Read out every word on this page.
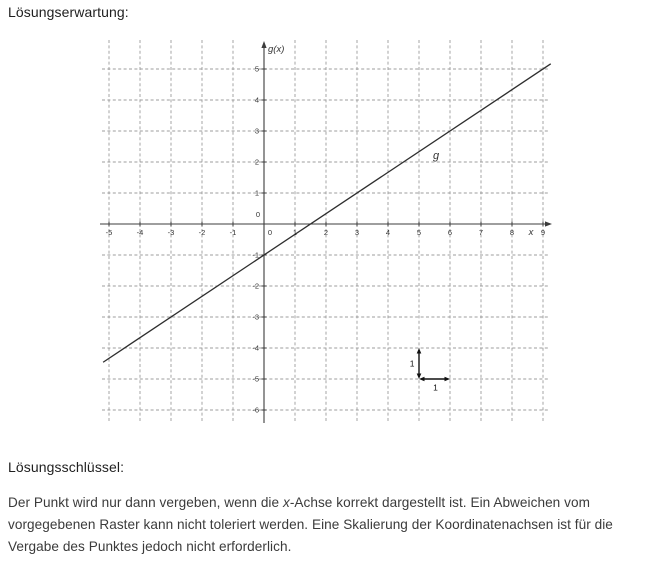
Lösungserwartung:
-5	-4	-3	-2	-1	0	1	2	3	4	5	6	7	8	9
-6
-5
-4
-3
-2
-1
0
1
2
3
4
5
g(x)
x
g
1
1
Lösungsschlüssel:

Der Punkt wird nur dann vergeben, wenn die x-Achse korrekt dargestellt ist. Ein Abweichen vom vorgegebenen Raster kann nicht toleriert werden. Eine Skalierung der Koordinatenachsen ist für die Vergabe des Punktes jedoch nicht erforderlich.
